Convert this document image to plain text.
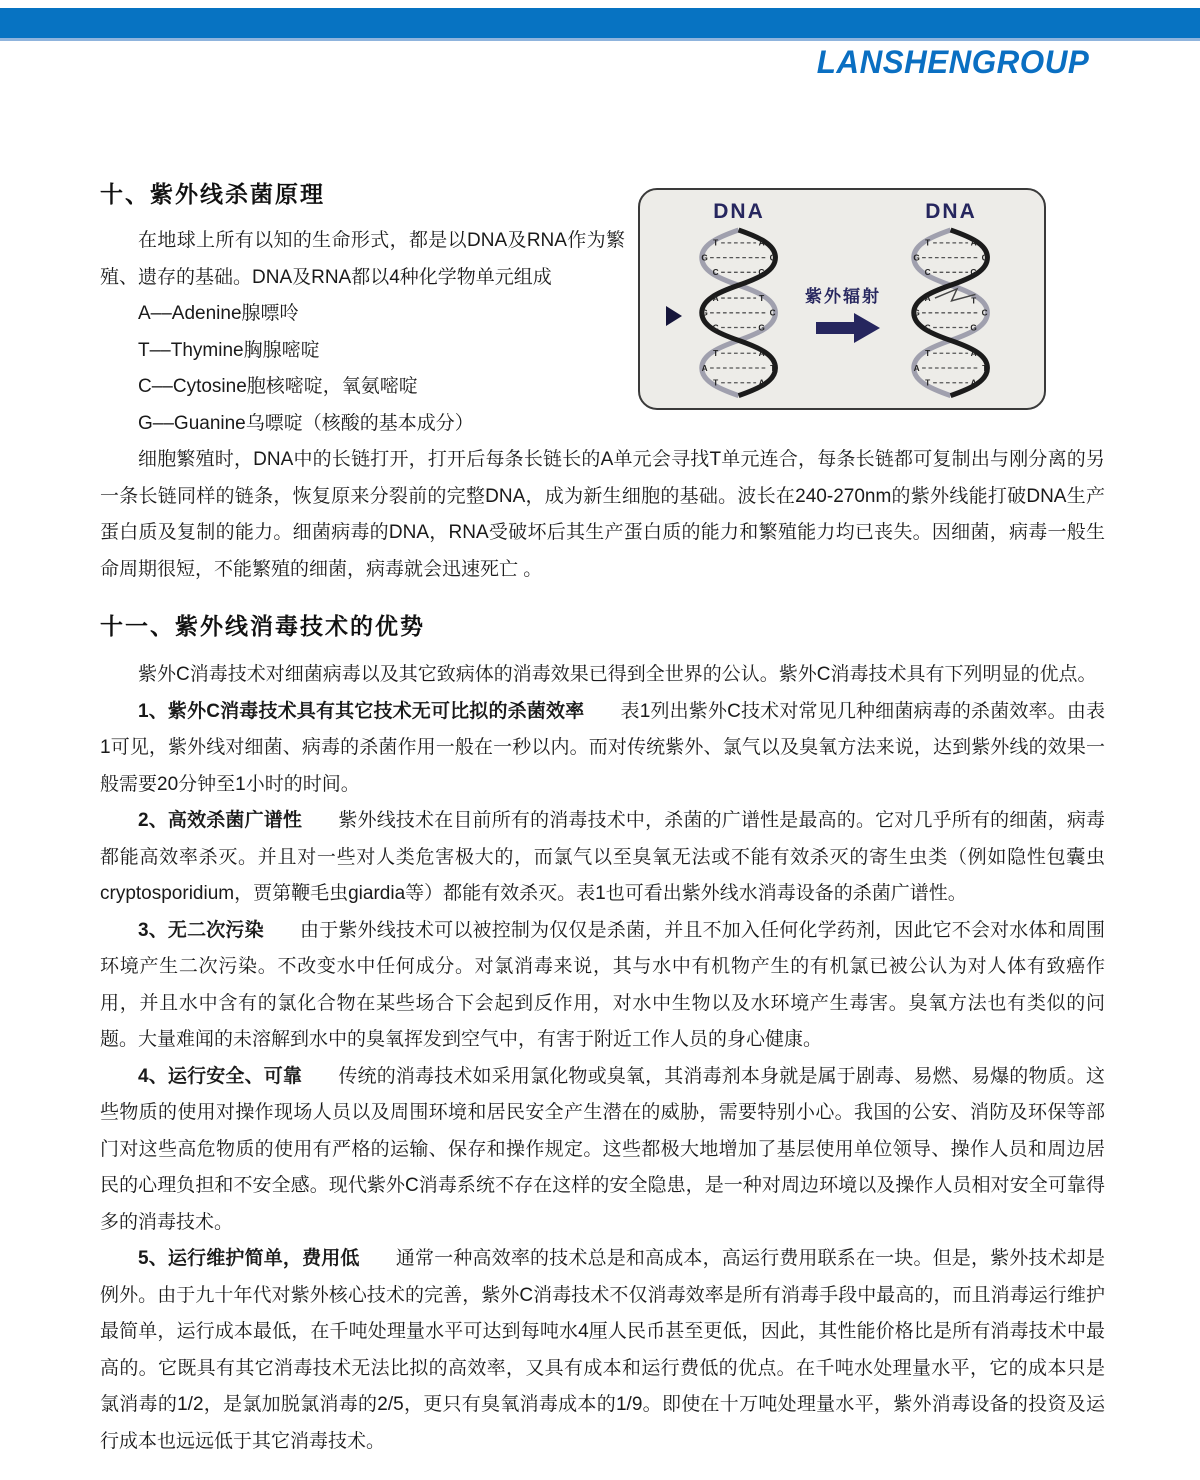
LANSHENGROUP
DNA	DNA
T	A
G	C
C	G
A	T
G	C
C	G
T	A
A	T
T	A
T	A
G	C
C	G
A	T
G	C
C	G
T	A
A	T
T	A
紫外辐射
十、紫外线杀菌原理

在地球上所有以知的生命形式，都是以DNA及RNA作为繁殖、遗存的基础。DNA及RNA都以4种化学物单元组成

A––Adenine腺嘌呤
T––Thymine胸腺嘧啶
C––Cytosine胞核嘧啶，氧氨嘧啶
G––Guanine乌嘌啶（核酸的基本成分）

细胞繁殖时，DNA中的长链打开，打开后每条长链长的A单元会寻找T单元连合，每条长链都可复制出与刚分离的另一条长链同样的链条，恢复原来分裂前的完整DNA，成为新生细胞的基础。波长在240-270nm的紫外线能打破DNA生产蛋白质及复制的能力。细菌病毒的DNA，RNA受破坏后其生产蛋白质的能力和繁殖能力均已丧失。因细菌，病毒一般生命周期很短，不能繁殖的细菌，病毒就会迅速死亡 。

十一、紫外线消毒技术的优势

紫外C消毒技术对细菌病毒以及其它致病体的消毒效果已得到全世界的公认。紫外C消毒技术具有下列明显的优点。

1、紫外C消毒技术具有其它技术无可比拟的杀菌效率 表1列出紫外C技术对常见几种细菌病毒的杀菌效率。由表1可见，紫外线对细菌、病毒的杀菌作用一般在一秒以内。而对传统紫外、氯气以及臭氧方法来说，达到紫外线的效果一般需要20分钟至1小时的时间。

2、高效杀菌广谱性 紫外线技术在目前所有的消毒技术中，杀菌的广谱性是最高的。它对几乎所有的细菌，病毒都能高效率杀灭。并且对一些对人类危害极大的，而氯气以至臭氧无法或不能有效杀灭的寄生虫类（例如隐性包囊虫 cryptosporidium，贾第鞭毛虫giardia等）都能有效杀灭。表1也可看出紫外线水消毒设备的杀菌广谱性。

3、无二次污染 由于紫外线技术可以被控制为仅仅是杀菌，并且不加入任何化学药剂，因此它不会对水体和周围环境产生二次污染。不改变水中任何成分。对氯消毒来说，其与水中有机物产生的有机氯已被公认为对人体有致癌作用，并且水中含有的氯化合物在某些场合下会起到反作用，对水中生物以及水环境产生毒害。臭氧方法也有类似的问题。大量难闻的未溶解到水中的臭氧挥发到空气中，有害于附近工作人员的身心健康。

4、运行安全、可靠 传统的消毒技术如采用氯化物或臭氧，其消毒剂本身就是属于剧毒、易燃、易爆的物质。这些物质的使用对操作现场人员以及周围环境和居民安全产生潜在的威胁，需要特别小心。我国的公安、消防及环保等部门对这些高危物质的使用有严格的运输、保存和操作规定。这些都极大地增加了基层使用单位领导、操作人员和周边居民的心理负担和不安全感。现代紫外C消毒系统不存在这样的安全隐患，是一种对周边环境以及操作人员相对安全可靠得多的消毒技术。

5、运行维护简单，费用低 通常一种高效率的技术总是和高成本，高运行费用联系在一块。但是，紫外技术却是例外。由于九十年代对紫外核心技术的完善，紫外C消毒技术不仅消毒效率是所有消毒手段中最高的，而且消毒运行维护最简单，运行成本最低，在千吨处理量水平可达到每吨水4厘人民币甚至更低，因此，其性能价格比是所有消毒技术中最高的。它既具有其它消毒技术无法比拟的高效率，又具有成本和运行费低的优点。在千吨水处理量水平，它的成本只是氯消毒的1/2，是氯加脱氯消毒的2/5，更只有臭氧消毒成本的1/9。即使在十万吨处理量水平，紫外消毒设备的投资及运行成本也远远低于其它消毒技术。
